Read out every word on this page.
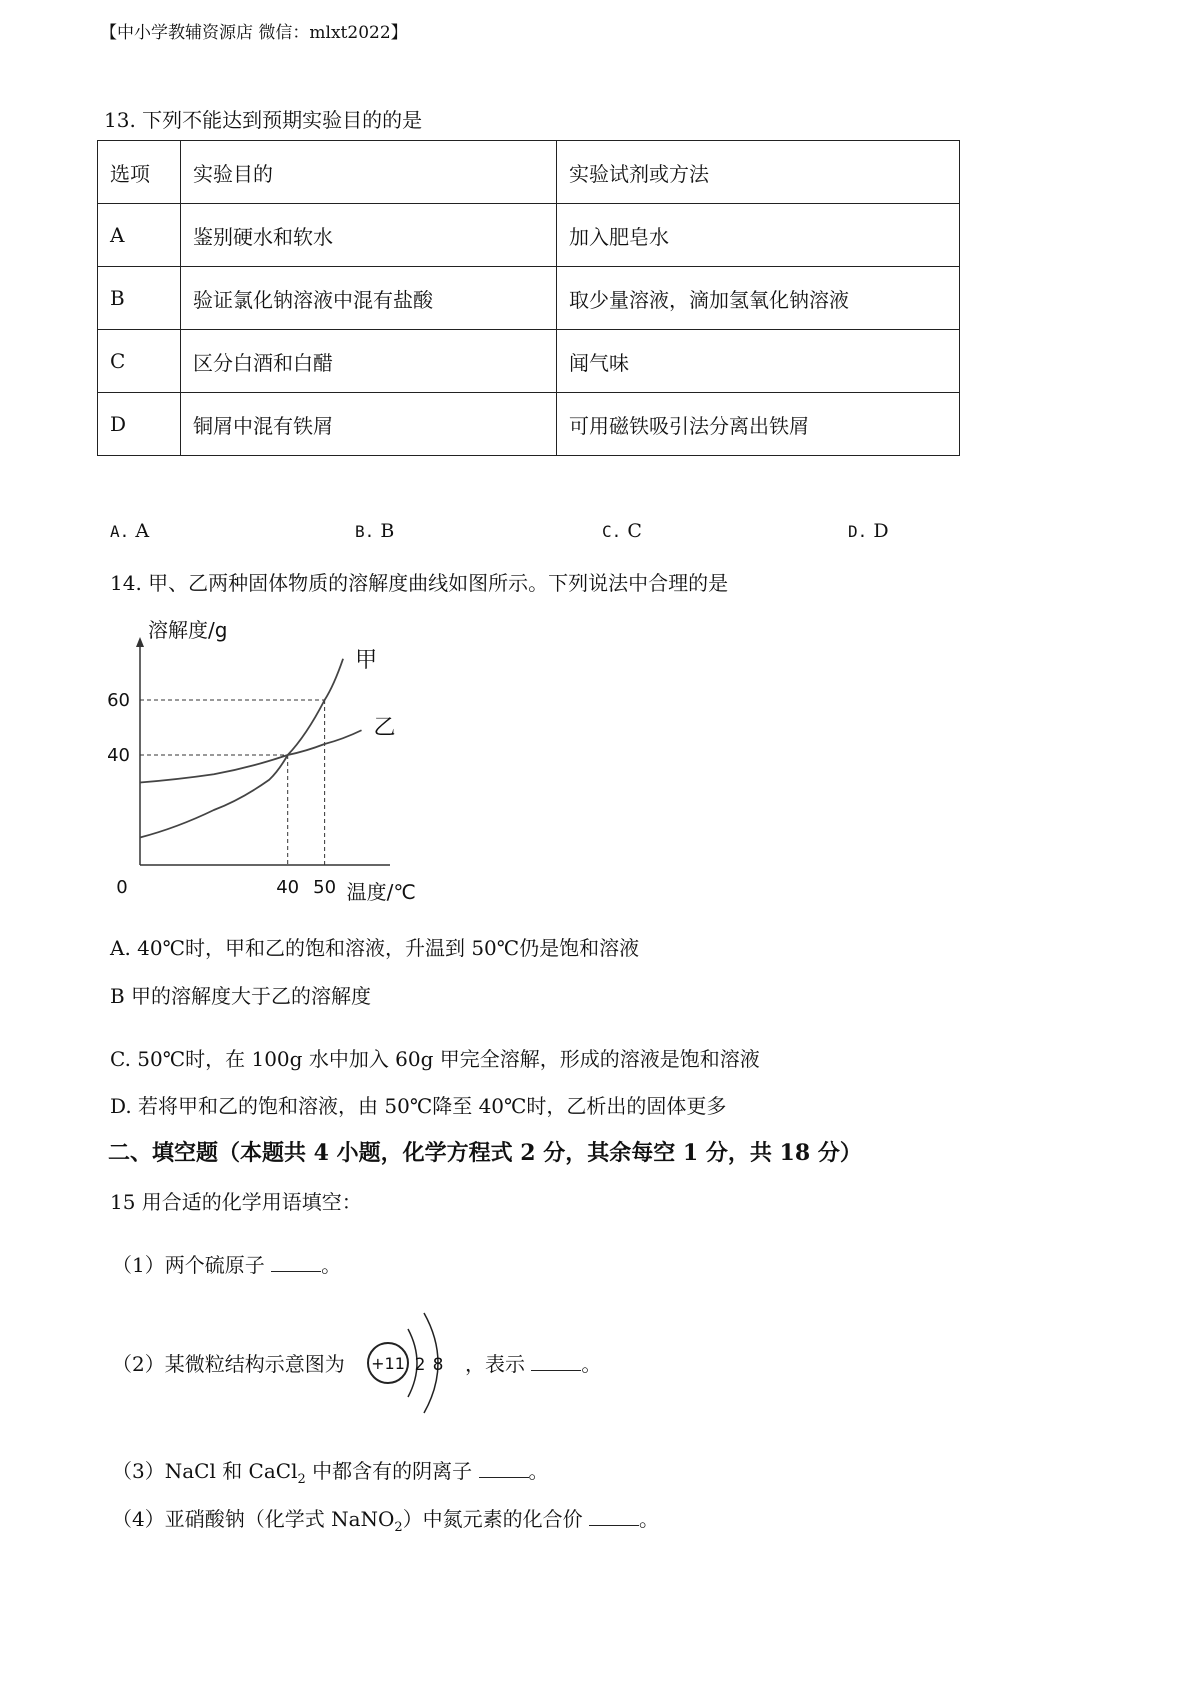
【中小学教辅资源店 微信：mlxt2022】
13. 下列不能达到预期实验目的的是
选项	实验目的	实验试剂或方法
A	鉴别硬水和软水	加入肥皂水
B	验证氯化钠溶液中混有盐酸	取少量溶液，滴加氢氧化钠溶液
C	区分白酒和白醋	闻气味
D	铜屑中混有铁屑	可用磁铁吸引法分离出铁屑
A. A	B. B	C. C	D. D
14. 甲、乙两种固体物质的溶解度曲线如图所示。下列说法中合理的是
甲
乙
0	40 50
40
60
溶解度/g
温度/℃
A. 40℃时，甲和乙的饱和溶液，升温到 50℃仍是饱和溶液
B 甲的溶解度大于乙的溶解度
C. 50℃时，在 100g 水中加入 60g 甲完全溶解，形成的溶液是饱和溶液
D. 若将甲和乙的饱和溶液，由 50℃降至 40℃时，乙析出的固体更多
二、填空题（本题共 4 小题，化学方程式 2 分，其余每空 1 分，共 18 分）
15 用合适的化学用语填空：
（1）两个硫原子	。
（2）某微粒结构示意图为 +11 2 8 ，表示	。
（3）NaCl 和 CaCl$_2$ 中都含有的阴离子	。
（4）亚硝酸钠（化学式 NaNO$_2$）中氮元素的化合价	。
